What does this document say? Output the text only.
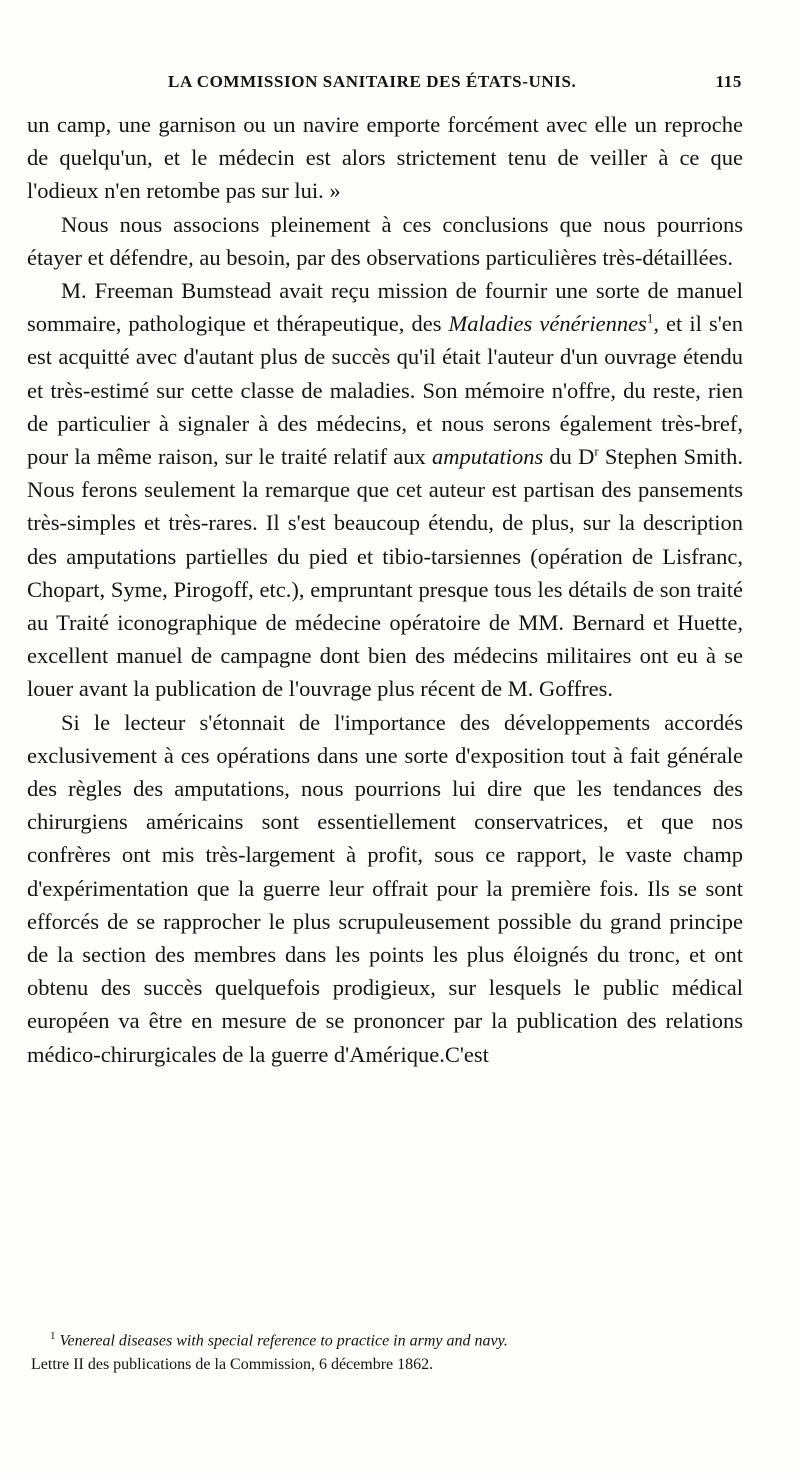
LA COMMISSION SANITAIRE DES ÉTATS-UNIS.	115

un camp, une garnison ou un navire emporte forcément avec elle un reproche de quelqu'un, et le médecin est alors strictement tenu de veiller à ce que l'odieux n'en retombe pas sur lui. »

Nous nous associons pleinement à ces conclusions que nous pourrions étayer et défendre, au besoin, par des observations particulières très-détaillées.

M. Freeman Bumstead avait reçu mission de fournir une sorte de manuel sommaire, pathologique et thérapeutique, des Maladies vénériennes$^1$, et il s'en est acquitté avec d'autant plus de succès qu'il était l'auteur d'un ouvrage étendu et très-estimé sur cette classe de maladies. Son mémoire n'offre, du reste, rien de particulier à signaler à des médecins, et nous serons également très-bref, pour la même raison, sur le traité relatif aux amputations du $D^r$ Stephen Smith. Nous ferons seulement la remarque que cet auteur est partisan des pansements très-simples et très-rares. Il s'est beaucoup étendu, de plus, sur la description des amputations partielles du pied et tibio-tarsiennes (opération de Lisfranc, Chopart, Syme, Pirogoff, etc.), empruntant presque tous les détails de son traité au Traité iconographique de médecine opératoire de MM. Bernard et Huette, excellent manuel de campagne dont bien des médecins militaires ont eu à se louer avant la publication de l'ouvrage plus récent de M. Goffres.

Si le lecteur s'étonnait de l'importance des développements accordés exclusivement à ces opérations dans une sorte d'exposition tout à fait générale des règles des amputations, nous pourrions lui dire que les tendances des chirurgiens américains sont essentiellement conservatrices, et que nos confrères ont mis très-largement à profit, sous ce rapport, le vaste champ d'expérimentation que la guerre leur offrait pour la première fois. Ils se sont efforcés de se rapprocher le plus scrupuleusement possible du grand principe de la section des membres dans les points les plus éloignés du tronc, et ont obtenu des succès quelquefois prodigieux, sur lesquels le public médical européen va être en mesure de se prononcer par la publication des relations médico-chirurgicales de la guerre d'Amérique.C'est

$^1$ Venereal diseases with special reference to practice in army and navy.
Lettre II des publications de la Commission, 6 décembre 1862.
